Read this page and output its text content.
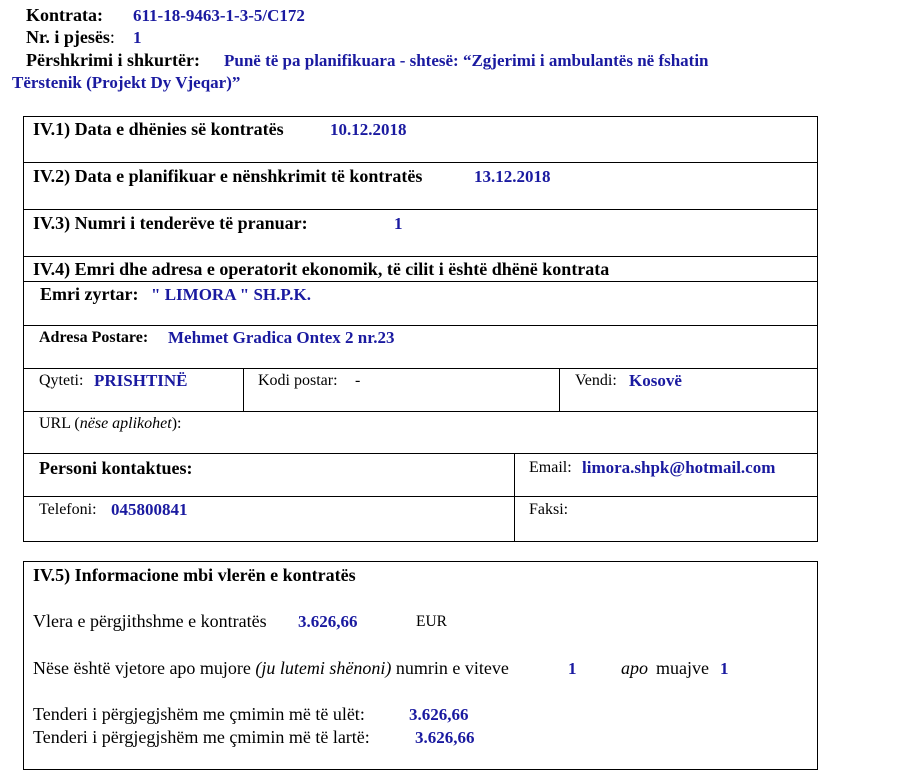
Kontrata: 611-18-9463-1-3-5/C172
Nr. i pjesës: 1
Përshkrimi i shkurtër: Punë të pa planifikuara - shtesë: “Zgjerimi i ambulantës në fshatin
Tërstenik (Projekt Dy Vjeqar)”
IV.1) Data e dhënies së kontratës	10.12.2018
IV.2) Data e planifikuar e nënshkrimit të kontratës	13.12.2018
IV.3) Numri i tenderëve të pranuar:	1
IV.4) Emri dhe adresa e operatorit ekonomik, të cilit i është dhënë kontrata
Emri zyrtar: " LIMORA " SH.P.K.
Adresa Postare: Mehmet Gradica Ontex 2 nr.23
Qyteti: PRISHTINË	Kodi postar: -	Vendi: Kosovë
URL (nëse aplikohet):
Personi kontaktues:	Email: limora.shpk@hotmail.com
Telefoni: 045800841	Faksi:
IV.5) Informacione mbi vlerën e kontratës
Vlera e përgjithshme e kontratës 3.626,66	EUR
Nëse është vjetore apo mujore (ju lutemi shënoni) numrin e viteve	1 apo muajve 1
Tenderi i përgjegjshëm me çmimin më të ulët:	3.626,66
Tenderi i përgjegjshëm me çmimin më të lartë:	3.626,66
